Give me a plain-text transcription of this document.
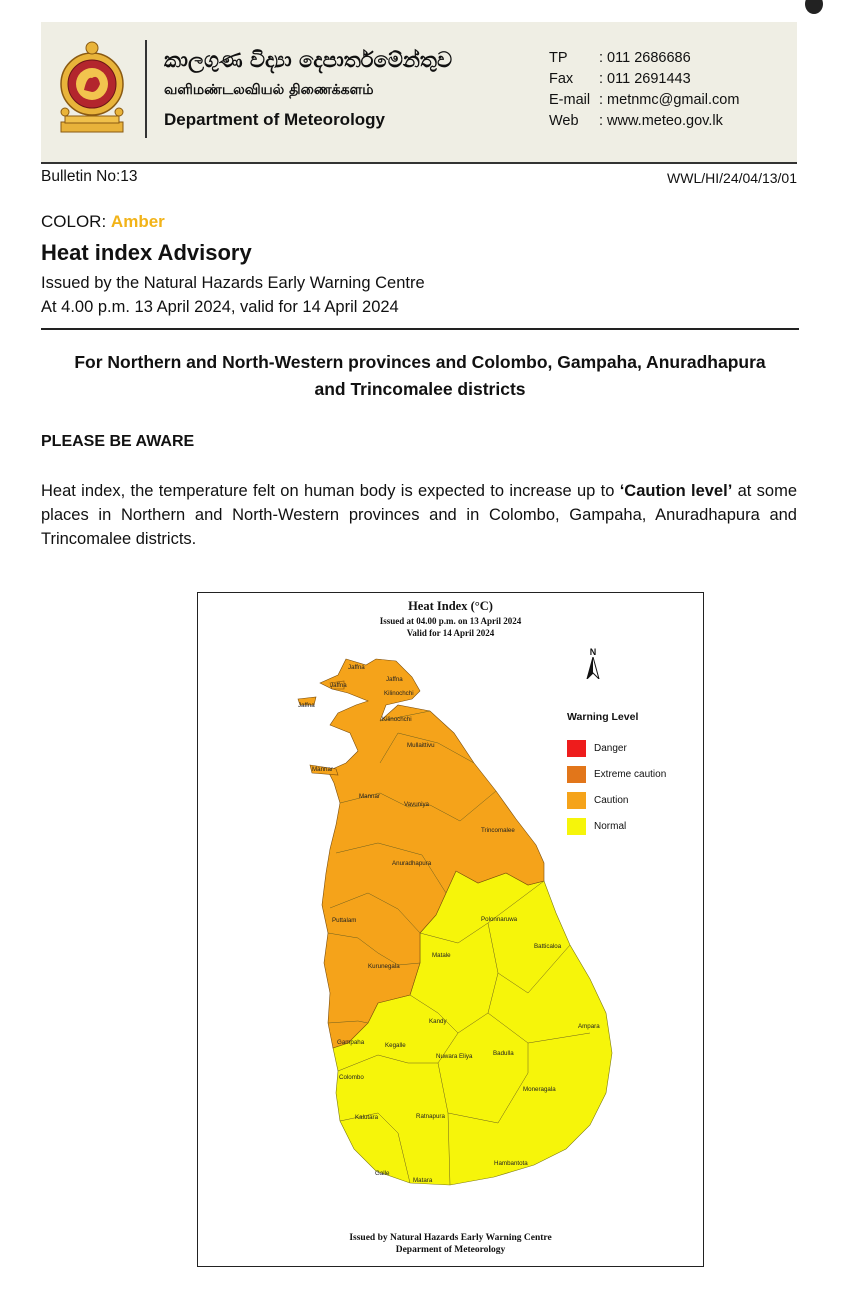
කාලගුණ විද්‍යා දෙපාර්තමේන්තුව
வளிமண்டலவியல் திணைக்களம்
Department of Meteorology
TP	: 011 2686686
Fax	: 011 2691443
E-mail : metnmc@gmail.com
Web	: www.meteo.gov.lk
Bulletin No:13	WWL/HI/24/04/13/01
COLOR: Amber
Heat index Advisory
Issued by the Natural Hazards Early Warning Centre
At 4.00 p.m. 13 April 2024, valid for 14 April 2024
For Northern and North-Western provinces and Colombo, Gampaha, Anuradhapura
and Trincomalee districts
PLEASE BE AWARE
Heat index, the temperature felt on human body is expected to increase up to ‘Caution level’ at some places in Northern and North-Western provinces and in Colombo, Gampaha, Anuradhapura and Trincomalee districts.
Heat Index (°C)
Issued at 04.00 p.m. on 13 April 2024
Valid for 14 April 2024
Jaffna
Jaffna
Jaffna
Jaffna
Kilinochchi
Kilinochchi
Mullaittivu
Mannar
Mannar
Vavuniya
Trincomalee
Anuradhapura
Puttalam
Kurunegala
Polonnaruwa
Batticaloa
Matale
Ampara
Kandy
Gampaha	Kegalle
Nuwara Eliya	Badulla
Colombo
Moneragala
Kalutara	Ratnapura
Hambantota
Galle
Matara
N
Warning Level
Danger
Extreme caution
Caution
Normal
Issued by Natural Hazards Early Warning Centre
Deparment of Meteorology
